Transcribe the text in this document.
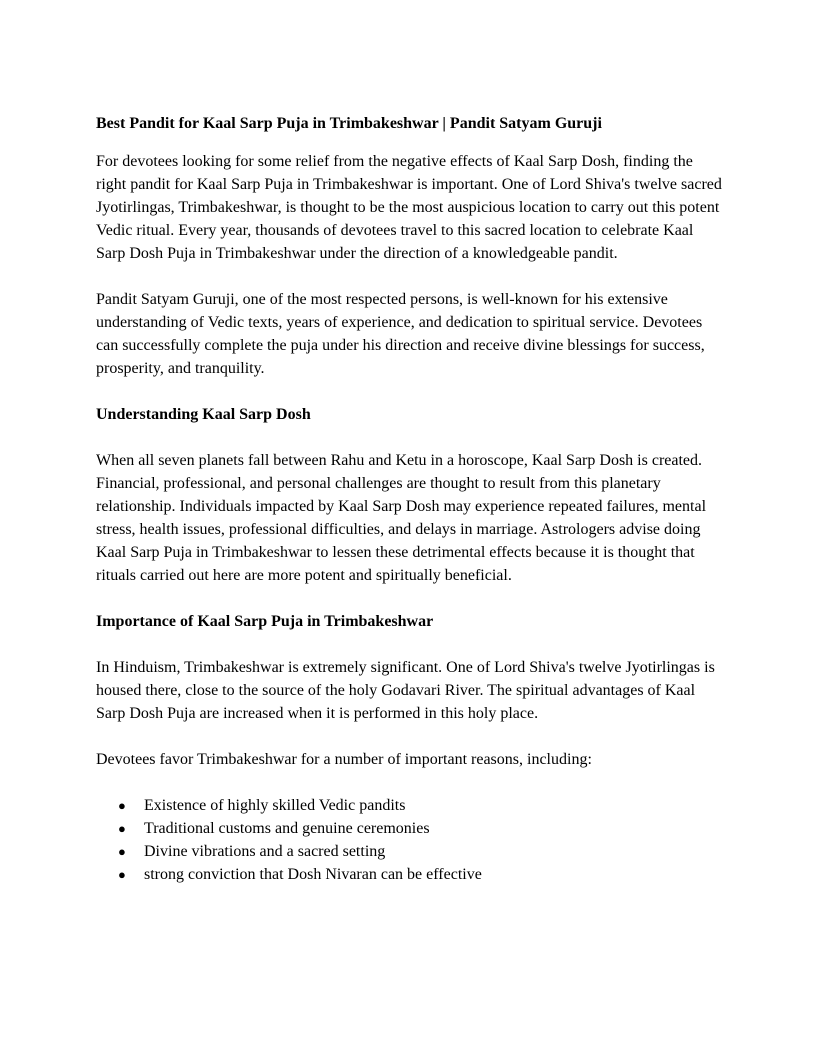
Best Pandit for Kaal Sarp Puja in Trimbakeshwar | Pandit Satyam Guruji

For devotees looking for some relief from the negative effects of Kaal Sarp Dosh, finding the right pandit for Kaal Sarp Puja in Trimbakeshwar is important. One of Lord Shiva's twelve sacred Jyotirlingas, Trimbakeshwar, is thought to be the most auspicious location to carry out this potent Vedic ritual. Every year, thousands of devotees travel to this sacred location to celebrate Kaal Sarp Dosh Puja in Trimbakeshwar under the direction of a knowledgeable pandit.

Pandit Satyam Guruji, one of the most respected persons, is well-known for his extensive understanding of Vedic texts, years of experience, and dedication to spiritual service. Devotees can successfully complete the puja under his direction and receive divine blessings for success, prosperity, and tranquility.

Understanding Kaal Sarp Dosh

When all seven planets fall between Rahu and Ketu in a horoscope, Kaal Sarp Dosh is created. Financial, professional, and personal challenges are thought to result from this planetary relationship. Individuals impacted by Kaal Sarp Dosh may experience repeated failures, mental stress, health issues, professional difficulties, and delays in marriage. Astrologers advise doing Kaal Sarp Puja in Trimbakeshwar to lessen these detrimental effects because it is thought that rituals carried out here are more potent and spiritually beneficial.

Importance of Kaal Sarp Puja in Trimbakeshwar

In Hinduism, Trimbakeshwar is extremely significant. One of Lord Shiva's twelve Jyotirlingas is housed there, close to the source of the holy Godavari River. The spiritual advantages of Kaal Sarp Dosh Puja are increased when it is performed in this holy place.

Devotees favor Trimbakeshwar for a number of important reasons, including:

● Existence of highly skilled Vedic pandits
● Traditional customs and genuine ceremonies
● Divine vibrations and a sacred setting
● strong conviction that Dosh Nivaran can be effective
